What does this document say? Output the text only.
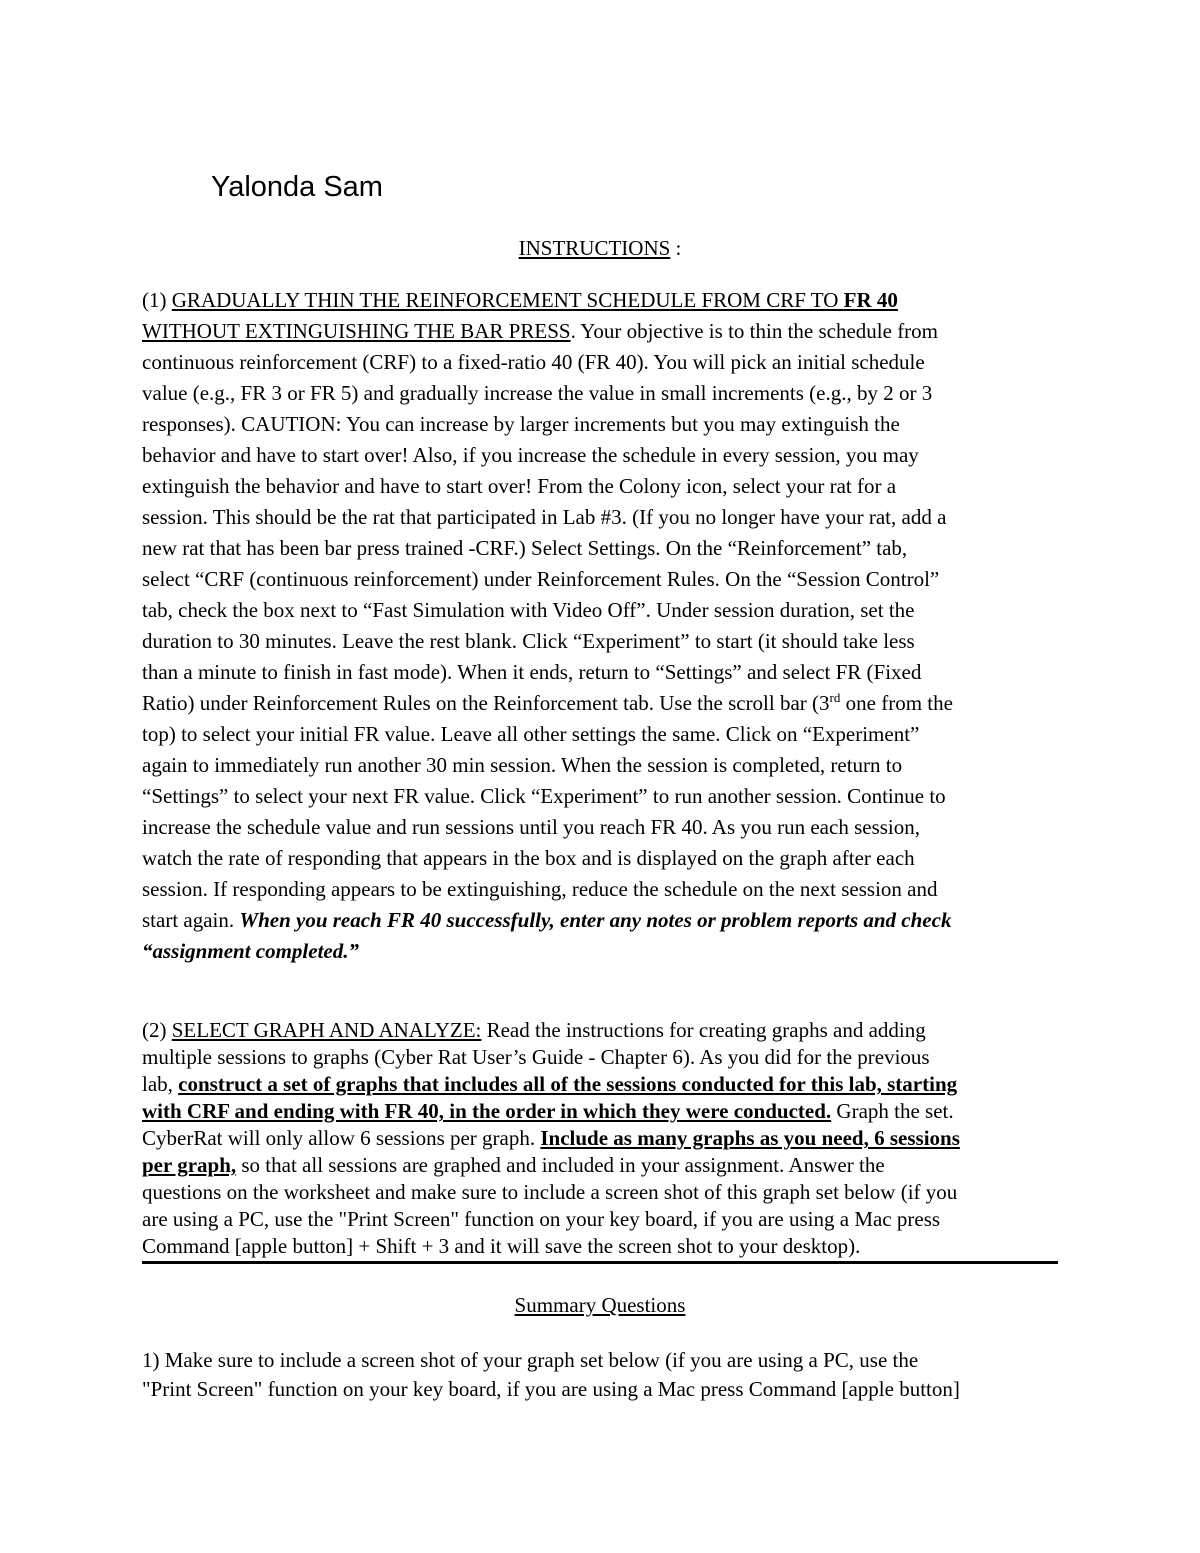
Yalonda Sam
INSTRUCTIONS :
(1) GRADUALLY THIN THE REINFORCEMENT SCHEDULE FROM CRF TO FR 40
WITHOUT EXTINGUISHING THE BAR PRESS. Your objective is to thin the schedule from
continuous reinforcement (CRF) to a fixed-ratio 40 (FR 40). You will pick an initial schedule
value (e.g., FR 3 or FR 5) and gradually increase the value in small increments (e.g., by 2 or 3
responses). CAUTION: You can increase by larger increments but you may extinguish the
behavior and have to start over! Also, if you increase the schedule in every session, you may
extinguish the behavior and have to start over! From the Colony icon, select your rat for a
session. This should be the rat that participated in Lab #3. (If you no longer have your rat, add a
new rat that has been bar press trained -CRF.) Select Settings. On the “Reinforcement” tab,
select “CRF (continuous reinforcement) under Reinforcement Rules. On the “Session Control”
tab, check the box next to “Fast Simulation with Video Off”. Under session duration, set the
duration to 30 minutes. Leave the rest blank. Click “Experiment” to start (it should take less
than a minute to finish in fast mode). When it ends, return to “Settings” and select FR (Fixed
Ratio) under Reinforcement Rules on the Reinforcement tab. Use the scroll bar (3rd one from the
top) to select your initial FR value. Leave all other settings the same. Click on “Experiment”
again to immediately run another 30 min session. When the session is completed, return to
“Settings” to select your next FR value. Click “Experiment” to run another session. Continue to
increase the schedule value and run sessions until you reach FR 40. As you run each session,
watch the rate of responding that appears in the box and is displayed on the graph after each
session. If responding appears to be extinguishing, reduce the schedule on the next session and
start again. When you reach FR 40 successfully, enter any notes or problem reports and check
“assignment completed.”
(2) SELECT GRAPH AND ANALYZE: Read the instructions for creating graphs and adding
multiple sessions to graphs (Cyber Rat User’s Guide - Chapter 6). As you did for the previous
lab, construct a set of graphs that includes all of the sessions conducted for this lab, starting
with CRF and ending with FR 40, in the order in which they were conducted. Graph the set.
CyberRat will only allow 6 sessions per graph. Include as many graphs as you need, 6 sessions
per graph, so that all sessions are graphed and included in your assignment. Answer the
questions on the worksheet and make sure to include a screen shot of this graph set below (if you
are using a PC, use the "Print Screen" function on your key board, if you are using a Mac press
Command [apple button] + Shift + 3 and it will save the screen shot to your desktop).
Summary Questions
1) Make sure to include a screen shot of your graph set below (if you are using a PC, use the
"Print Screen" function on your key board, if you are using a Mac press Command [apple button]
